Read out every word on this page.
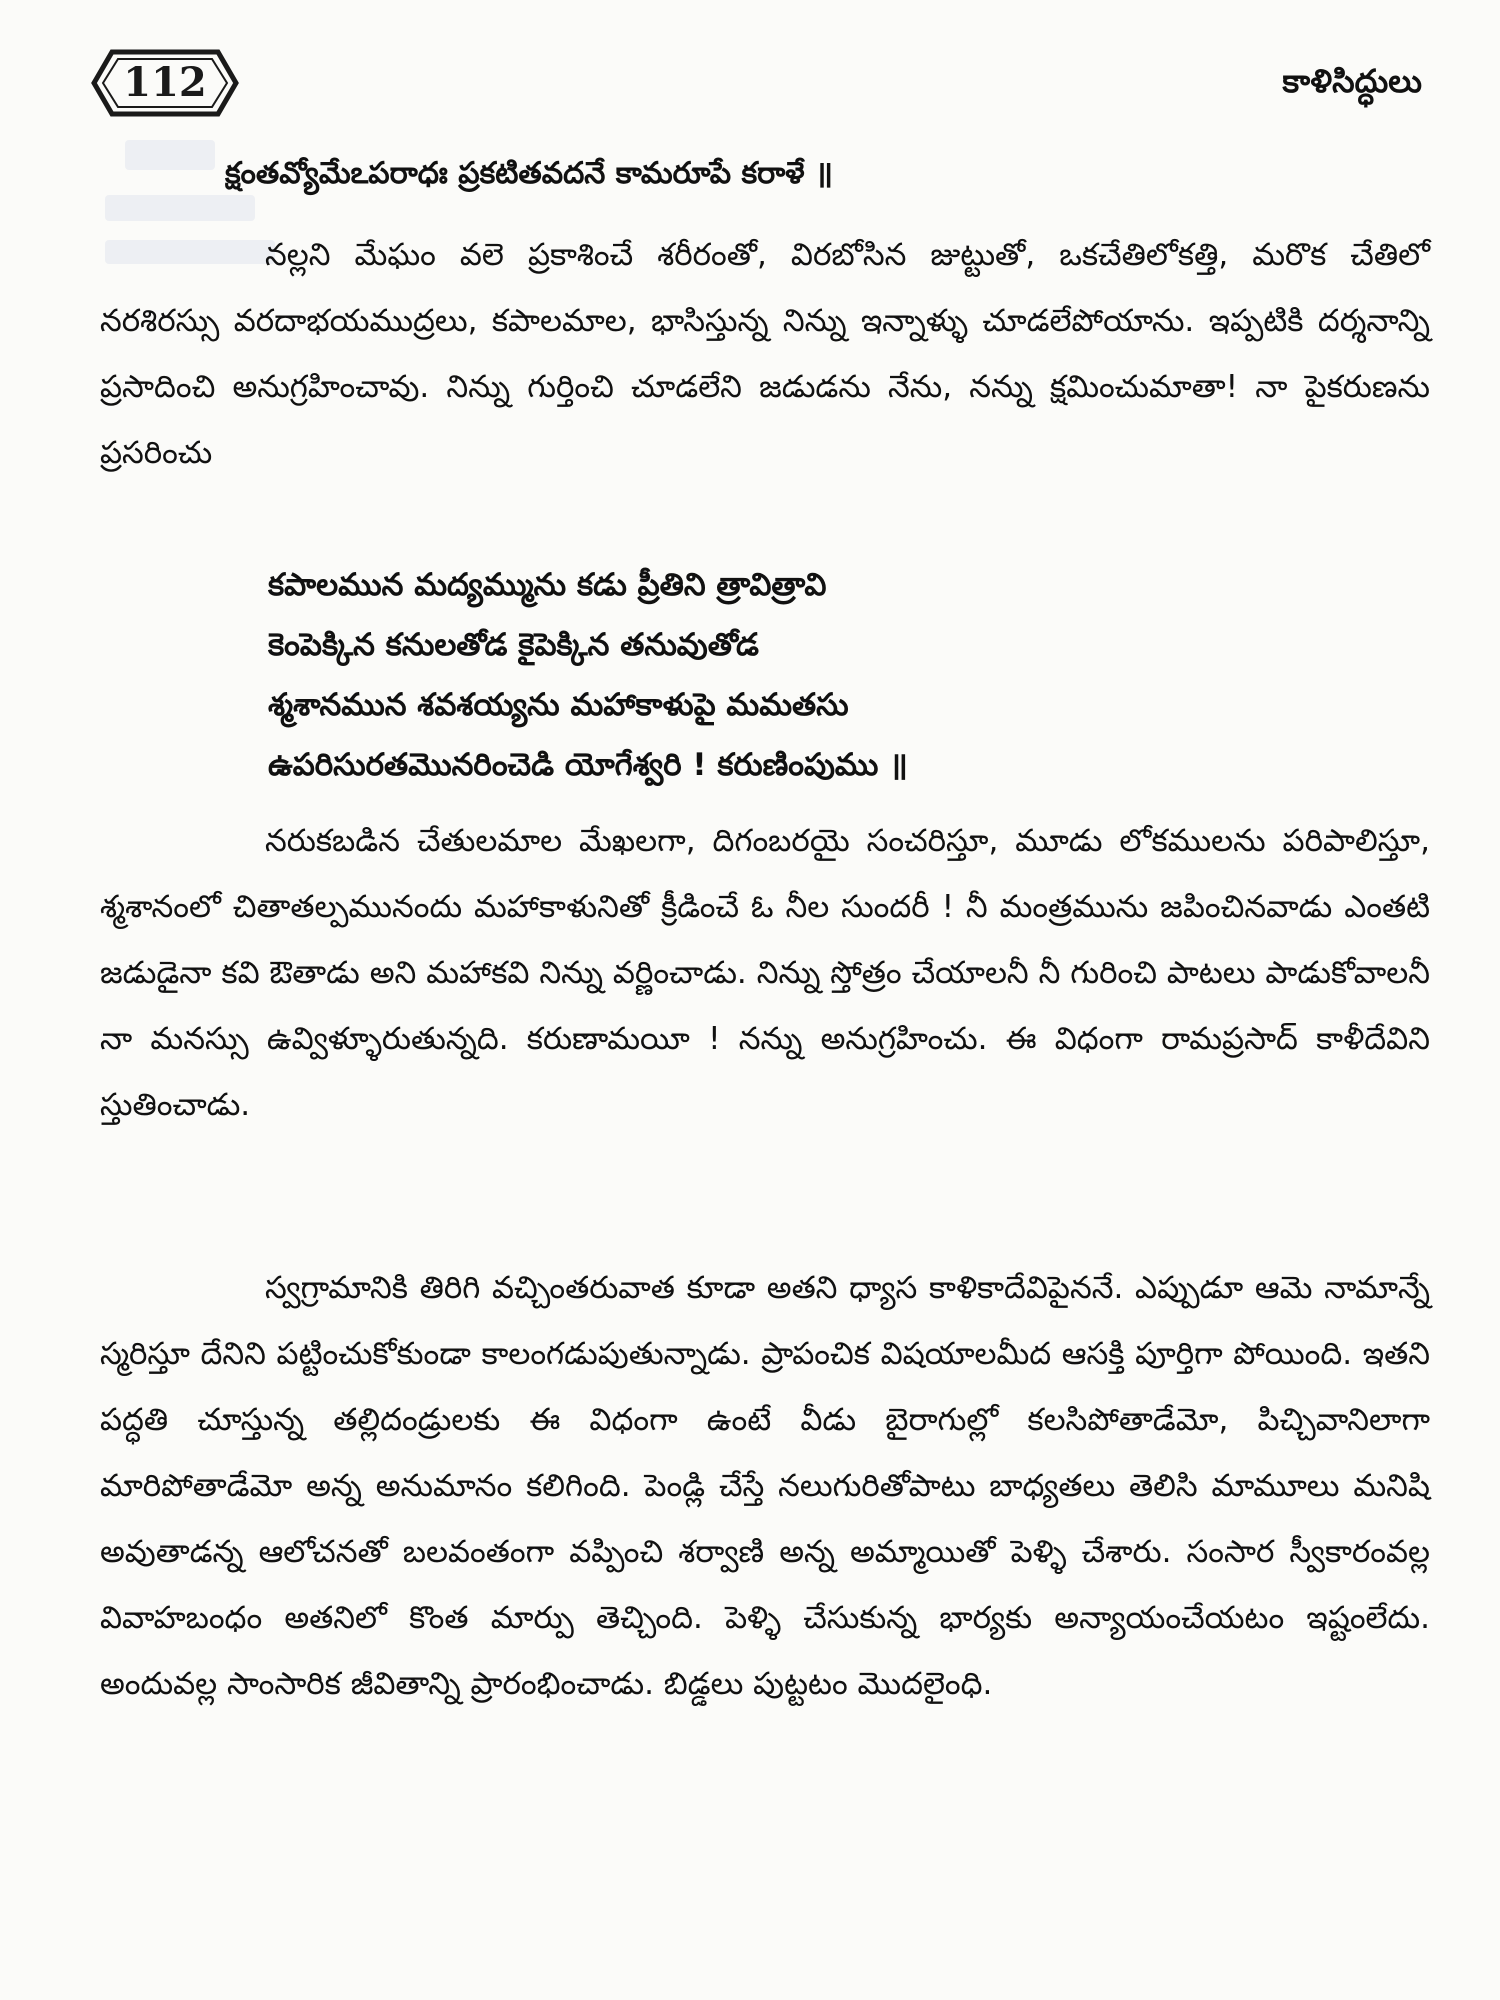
112	కాళిసిద్ధులు
క్షంతవ్యోమేఽపరాధః ప్రకటితవదనే కామరూపే కరాళే ॥

నల్లని మేఘం వలె ప్రకాశించే శరీరంతో, విరబోసిన జుట్టుతో, ఒకచేతిలోకత్తి, మరొక చేతిలో నరశిరస్సు వరదాభయముద్రలు, కపాలమాల, భాసిస్తున్న నిన్ను ఇన్నాళ్ళు చూడలేపోయాను. ఇప్పటికి దర్శనాన్ని ప్రసాదించి అనుగ్రహించావు. నిన్ను గుర్తించి చూడలేని జడుడను నేను, నన్ను క్షమించుమాతా! నా పైకరుణను ప్రసరించు

కపాలమున మద్యమ్మును కడు ప్రీతిని త్రావిత్రావి
కెంపెక్కిన కనులతోడ కైపెక్కిన తనువుతోడ
శ్మశానమున శవశయ్యను మహాకాళుపై మమతసు
ఉపరిసురతమొనరించెడి యోగేశ్వరి ! కరుణింపుము ॥

నరుకబడిన చేతులమాల మేఖలగా, దిగంబరయై సంచరిస్తూ, మూడు లోకములను పరిపాలిస్తూ, శ్మశానంలో చితాతల్పమునందు మహాకాళునితో క్రీడించే ఓ నీల సుందరీ ! నీ మంత్రమును జపించినవాడు ఎంతటి జడుడైనా కవి ఔతాడు అని మహాకవి నిన్ను వర్ణించాడు. నిన్ను స్తోత్రం చేయాలనీ నీ గురించి పాటలు పాడుకోవాలనీ నా మనస్సు ఉవ్విళ్ళూరుతున్నది. కరుణామయీ ! నన్ను అనుగ్రహించు. ఈ విధంగా రామప్రసాద్ కాళీదేవిని స్తుతించాడు.

స్వగ్రామానికి తిరిగి వచ్చింతరువాత కూడా అతని ధ్యాస కాళికాదేవిపైననే. ఎప్పుడూ ఆమె నామాన్నే స్మరిస్తూ దేనిని పట్టించుకోకుండా కాలంగడుపుతున్నాడు. ప్రాపంచిక విషయాలమీద ఆసక్తి పూర్తిగా పోయింది. ఇతని పద్ధతి చూస్తున్న తల్లిదండ్రులకు ఈ విధంగా ఉంటే వీడు బైరాగుల్లో కలసిపోతాడేమో, పిచ్చివానిలాగా మారిపోతాడేమో అన్న అనుమానం కలిగింది. పెండ్లి చేస్తే నలుగురితోపాటు బాధ్యతలు తెలిసి మామూలు మనిషి అవుతాడన్న ఆలోచనతో బలవంతంగా వప్పించి శర్వాణి అన్న అమ్మాయితో పెళ్ళి చేశారు. సంసార స్వీకారంవల్ల వివాహబంధం అతనిలో కొంత మార్పు తెచ్చింది. పెళ్ళి చేసుకున్న భార్యకు అన్యాయంచేయటం ఇష్టంలేదు. అందువల్ల సాంసారిక జీవితాన్ని ప్రారంభించాడు. బిడ్డలు పుట్టటం మొదలైంధి.
